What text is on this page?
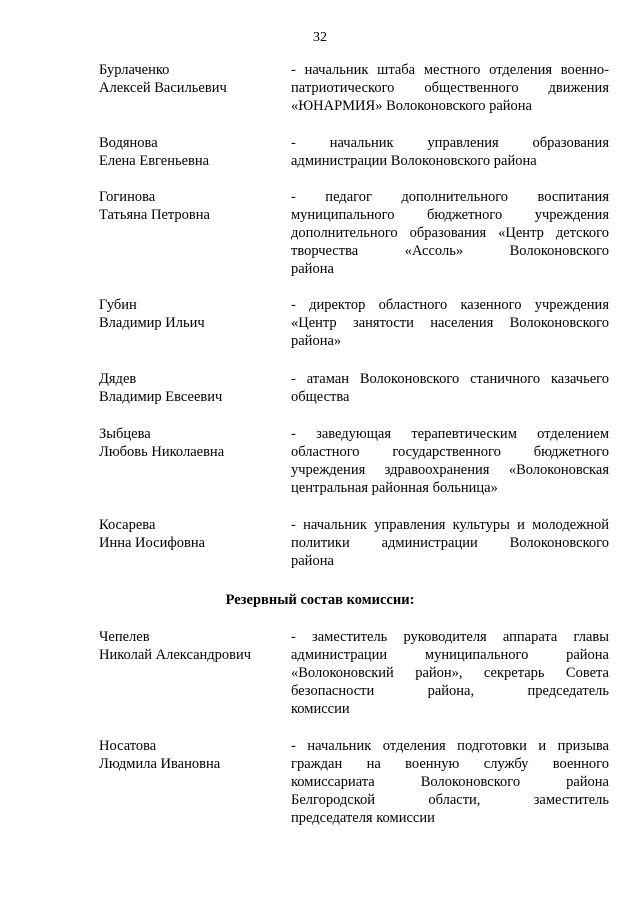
32
Бурлаченко
Алексей Васильевич
- начальник штаба местного отделения военно-
патриотического общественного движения
«ЮНАРМИЯ» Волоконовского района
Водянова
Елена Евгеньевна
- начальник управления образования
администрации Волоконовского района
Гогинова
Татьяна Петровна
- педагог дополнительного воспитания
муниципального бюджетного учреждения
дополнительного образования «Центр детского
творчества «Ассоль» Волоконовского
района
Губин
Владимир Ильич
- директор областного казенного учреждения
«Центр занятости населения Волоконовского
района»
Дядев
Владимир Евсеевич
- атаман Волоконовского станичного казачьего
общества
Зыбцева
Любовь Николаевна
- заведующая терапевтическим отделением
областного государственного бюджетного
учреждения здравоохранения «Волоконовская
центральная районная больница»
Косарева
Инна Иосифовна
- начальник управления культуры и молодежной
политики администрации Волоконовского
района
Резервный состав комиссии:
Чепелев
Николай Александрович
- заместитель руководителя аппарата главы
администрации муниципального района
«Волоконовский район», секретарь Совета
безопасности района, председатель
комиссии
Носатова
Людмила Ивановна
- начальник отделения подготовки и призыва
граждан на военную службу военного
комиссариата Волоконовского района
Белгородской области, заместитель
председателя комиссии
